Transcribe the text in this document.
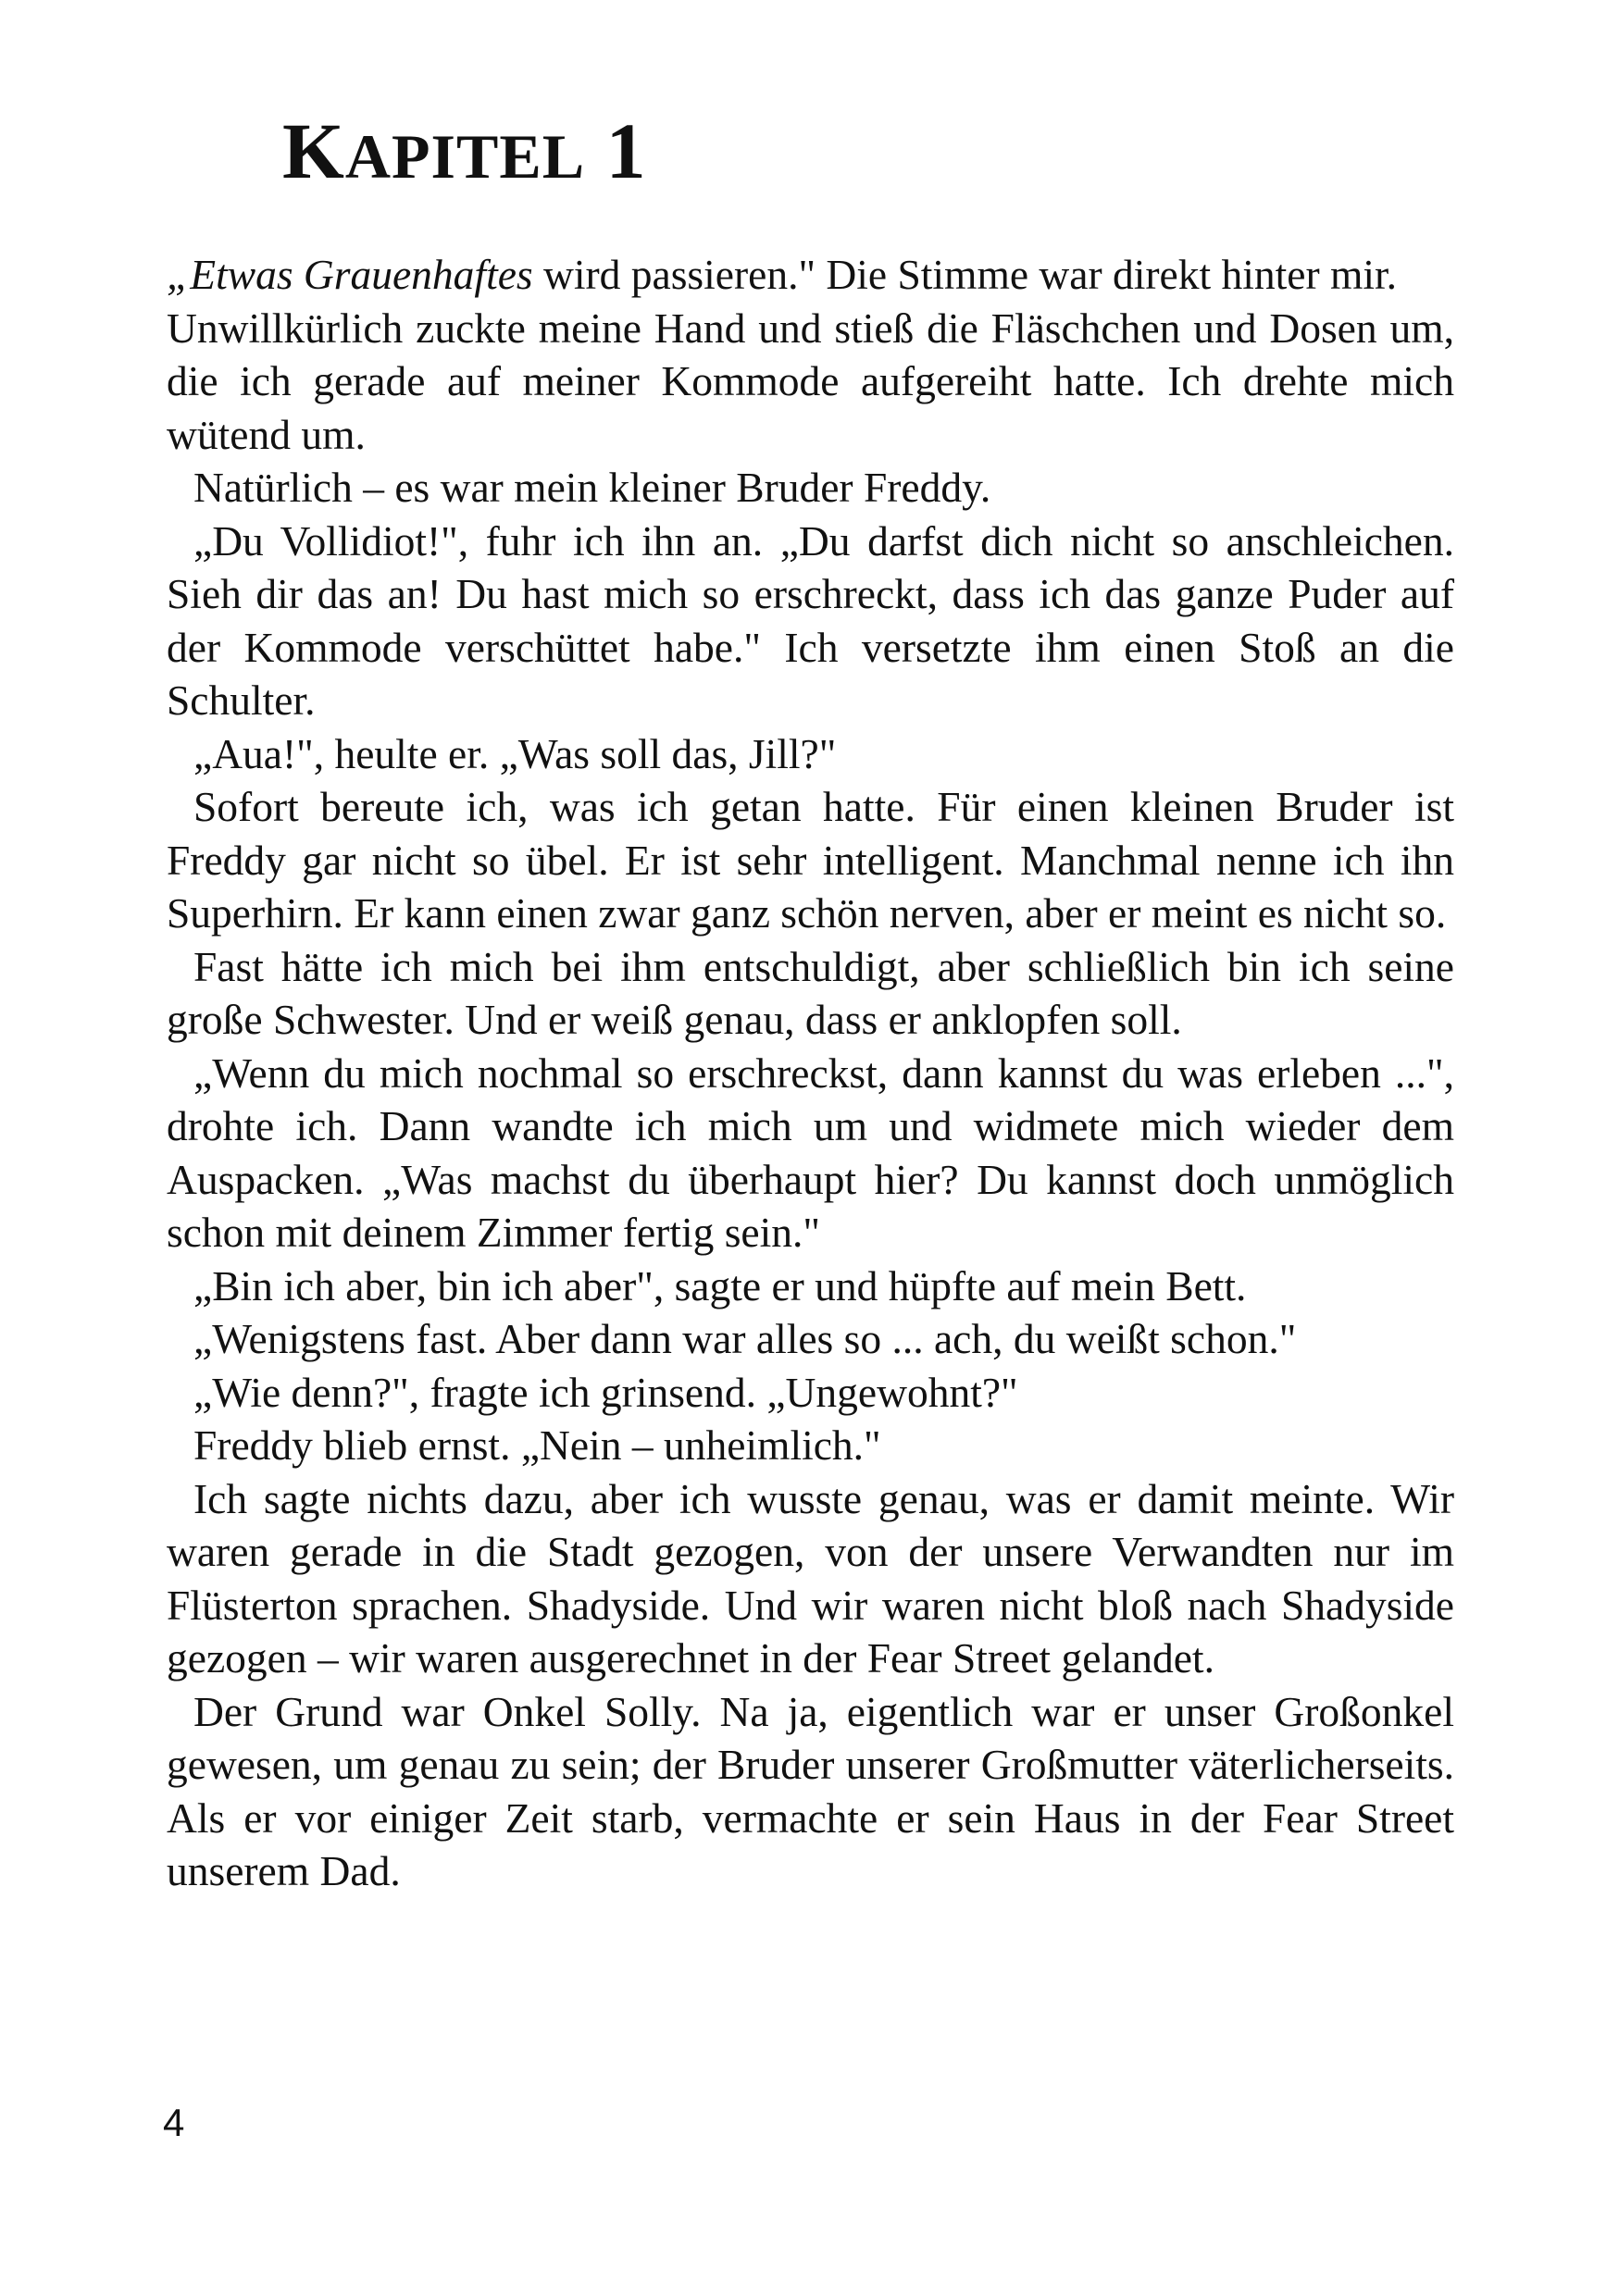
KAPITEL 1

„Etwas Grauenhaftes wird passieren." Die Stimme war direkt hinter mir.

Unwillkürlich zuckte meine Hand und stieß die Fläschchen und Dosen um, die ich gerade auf meiner Kommode aufgereiht hatte. Ich drehte mich wütend um.

Natürlich – es war mein kleiner Bruder Freddy.

„Du Vollidiot!", fuhr ich ihn an. „Du darfst dich nicht so anschleichen. Sieh dir das an! Du hast mich so erschreckt, dass ich das ganze Puder auf der Kommode verschüttet habe." Ich versetzte ihm einen Stoß an die Schulter.

„Aua!", heulte er. „Was soll das, Jill?"

Sofort bereute ich, was ich getan hatte. Für einen kleinen Bruder ist Freddy gar nicht so übel. Er ist sehr intelligent. Manchmal nenne ich ihn Superhirn. Er kann einen zwar ganz schön nerven, aber er meint es nicht so.

Fast hätte ich mich bei ihm entschuldigt, aber schließlich bin ich seine große Schwester. Und er weiß genau, dass er anklopfen soll.

„Wenn du mich nochmal so erschreckst, dann kannst du was erleben ...", drohte ich. Dann wandte ich mich um und widmete mich wieder dem Auspacken. „Was machst du überhaupt hier? Du kannst doch unmöglich schon mit deinem Zimmer fertig sein."

„Bin ich aber, bin ich aber", sagte er und hüpfte auf mein Bett.

„Wenigstens fast. Aber dann war alles so ... ach, du weißt schon."

„Wie denn?", fragte ich grinsend. „Ungewohnt?"

Freddy blieb ernst. „Nein – unheimlich."

Ich sagte nichts dazu, aber ich wusste genau, was er damit meinte. Wir waren gerade in die Stadt gezogen, von der unsere Verwandten nur im Flüsterton sprachen. Shadyside. Und wir waren nicht bloß nach Shadyside gezogen – wir waren ausgerechnet in der Fear Street gelandet.

Der Grund war Onkel Solly. Na ja, eigentlich war er unser Großonkel gewesen, um genau zu sein; der Bruder unserer Großmutter väterlicherseits. Als er vor einiger Zeit starb, vermachte er sein Haus in der Fear Street unserem Dad.

4
